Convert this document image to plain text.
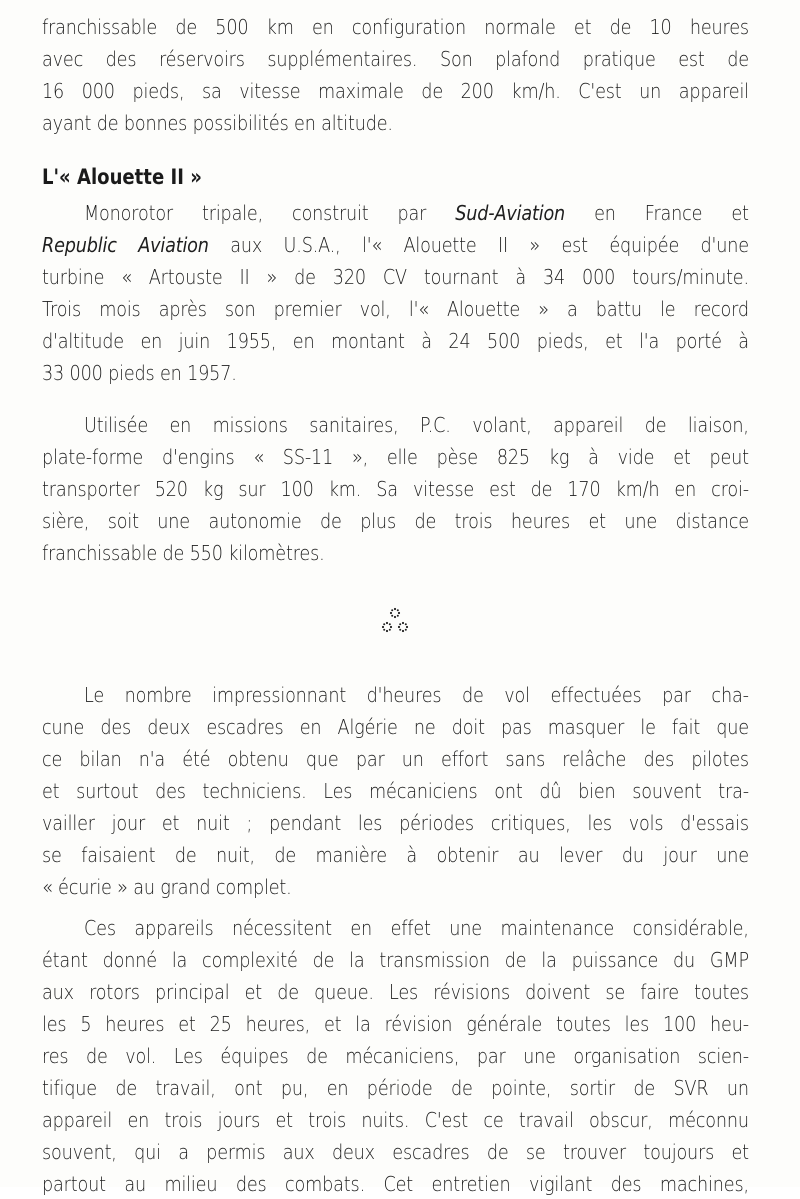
franchissable de 500 km en configuration normale et de 10 heures
avec des réservoirs supplémentaires. Son plafond pratique est de
16 000 pieds, sa vitesse maximale de 200 km/h. C'est un appareil
ayant de bonnes possibilités en altitude.
L'« Alouette II »
Monorotor tripale, construit par Sud-Aviation en France et
Republic Aviation aux U.S.A., l'« Alouette II » est équipée d'une
turbine « Artouste II » de 320 CV tournant à 34 000 tours/minute.
Trois mois après son premier vol, l'« Alouette » a battu le record
d'altitude en juin 1955, en montant à 24 500 pieds, et l'a porté à
33 000 pieds en 1957.
Utilisée en missions sanitaires, P.C. volant, appareil de liaison,
plate-forme d'engins « SS-11 », elle pèse 825 kg à vide et peut
transporter 520 kg sur 100 km. Sa vitesse est de 170 km/h en croi-
sière, soit une autonomie de plus de trois heures et une distance
franchissable de 550 kilomètres.
Le nombre impressionnant d'heures de vol effectuées par cha-
cune des deux escadres en Algérie ne doit pas masquer le fait que
ce bilan n'a été obtenu que par un effort sans relâche des pilotes
et surtout des techniciens. Les mécaniciens ont dû bien souvent tra-
vailler jour et nuit ; pendant les périodes critiques, les vols d'essais
se faisaient de nuit, de manière à obtenir au lever du jour une
« écurie » au grand complet.
Ces appareils nécessitent en effet une maintenance considérable,
étant donné la complexité de la transmission de la puissance du GMP
aux rotors principal et de queue. Les révisions doivent se faire toutes
les 5 heures et 25 heures, et la révision générale toutes les 100 heu-
res de vol. Les équipes de mécaniciens, par une organisation scien-
tifique de travail, ont pu, en période de pointe, sortir de SVR un
appareil en trois jours et trois nuits. C'est ce travail obscur, méconnu
souvent, qui a permis aux deux escadres de se trouver toujours et
partout au milieu des combats. Cet entretien vigilant des machines,
